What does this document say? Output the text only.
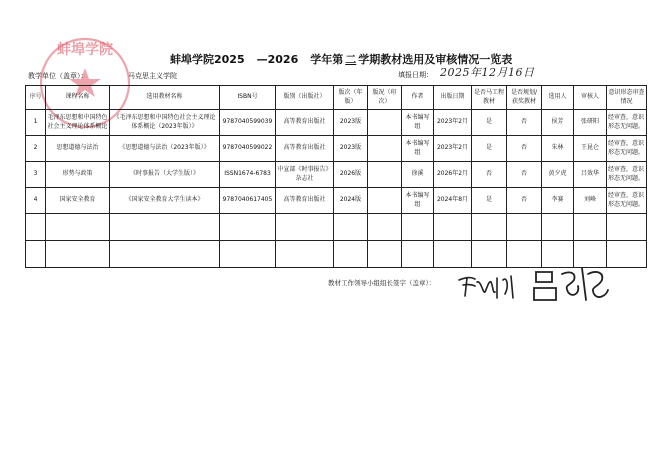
蚌埠学院
蚌埠学院2025 —2026 学年第 二 学期教材选用及审核情况一览表
教学单位（盖章）：	马克思主义学院	填报日期： 2025年12月16日
序号	课程名称	选用教材名称	ISBN号	版别（出版社）	版次（年版）	版况（印次）	作者	出版日期	是否马工程教材	是否规划/获奖教材	选用人	审核人	意识形态审查情况
1	毛泽东思想和中国特色社会主义理论体系概论	《毛泽东思想和中国特色社会主义理论体系概论（2023年版）》	9787040599039	高等教育出版社	2023版		本书编写组	2023年2月	是	否	侯芳	张研阳	经审查，意识形态无问题。
2	思想道德与法治	《思想道德与法治（2023年版）》	9787040599022	高等教育出版社	2023版		本书编写组	2023年2月	是	否	朱林	王昆仑	经审查，意识形态无问题。
3	形势与政策	《时事报告（大学生版）》	ISSN1674-6783	中宣部《时事报告》杂志社	2026版		徐溪	2026年2月	否	否	黄夕虎	吕效华	经审查，意识形态无问题。
4	国家安全教育	《国家安全教育大学生读本》	9787040617405	高等教育出版社	2024版		本书编写组	2024年8月	是	否	李赛	刘峰	经审查，意识形态无问题。

教材工作领导小组组长签字（盖章）：
